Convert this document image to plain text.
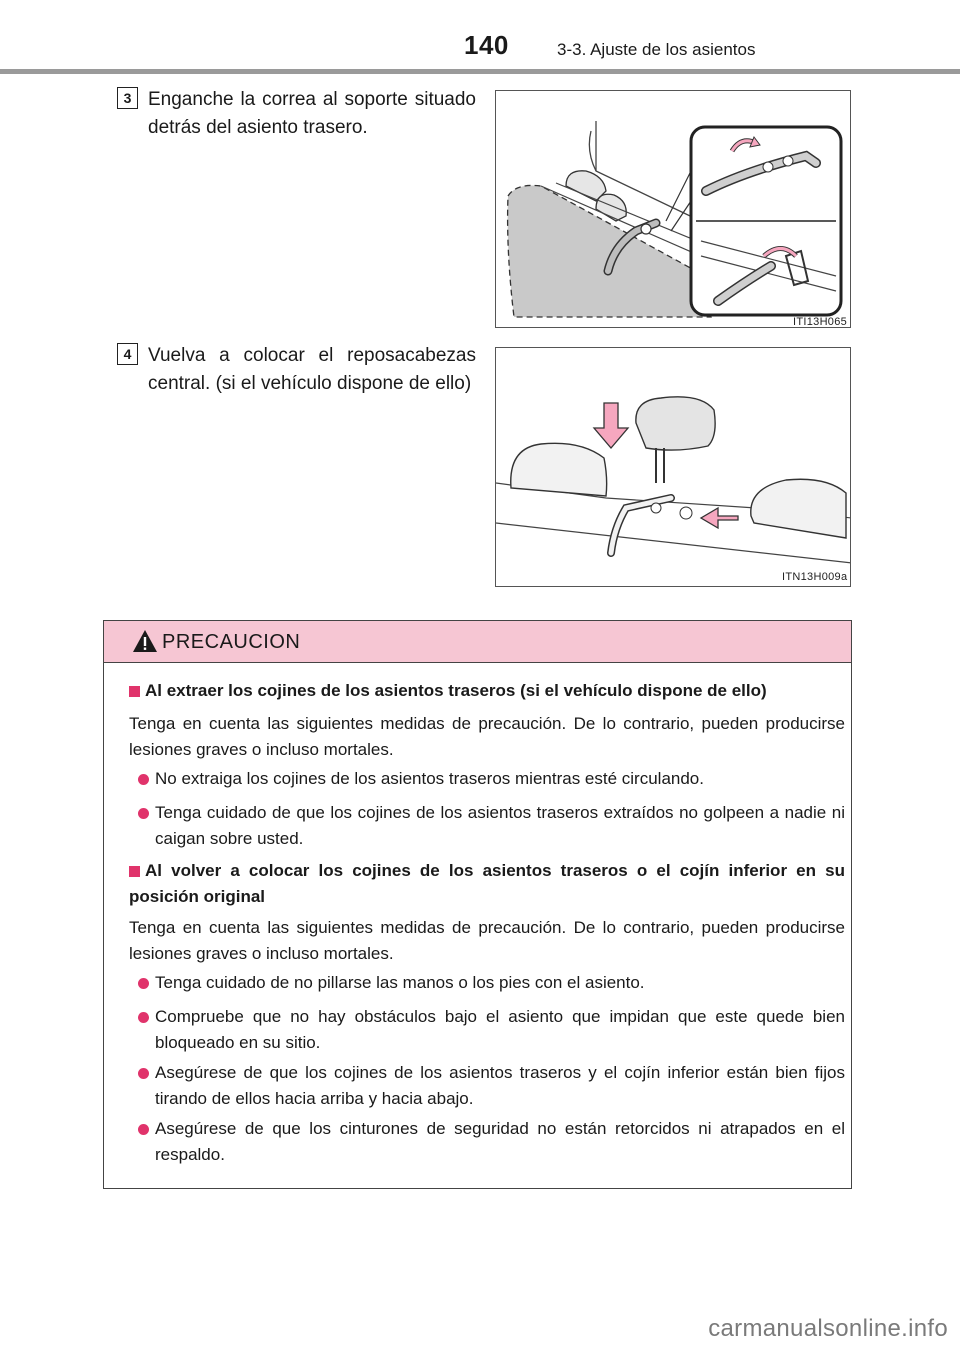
140	3-3. Ajuste de los asientos
3 Enganche la correa al soporte situado detrás del asiento trasero.
ITI13H065
4 Vuelva a colocar el reposacabezas central. (si el vehículo dispone de ello)
ITN13H009a
PRECAUCION
Al extraer los cojines de los asientos traseros (si el vehículo dispone de ello)
Tenga en cuenta las siguientes medidas de precaución. De lo contrario, pueden producirse lesiones graves o incluso mortales.
No extraiga los cojines de los asientos traseros mientras esté circulando.
Tenga cuidado de que los cojines de los asientos traseros extraídos no golpeen a nadie ni caigan sobre usted.
Al volver a colocar los cojines de los asientos traseros o el cojín inferior en su posición original
Tenga en cuenta las siguientes medidas de precaución. De lo contrario, pueden producirse lesiones graves o incluso mortales.
Tenga cuidado de no pillarse las manos o los pies con el asiento.
Compruebe que no hay obstáculos bajo el asiento que impidan que este quede bien bloqueado en su sitio.
Asegúrese de que los cojines de los asientos traseros y el cojín inferior están bien fijos tirando de ellos hacia arriba y hacia abajo.
Asegúrese de que los cinturones de seguridad no están retorcidos ni atrapados en el respaldo.
carmanualsonline.info
